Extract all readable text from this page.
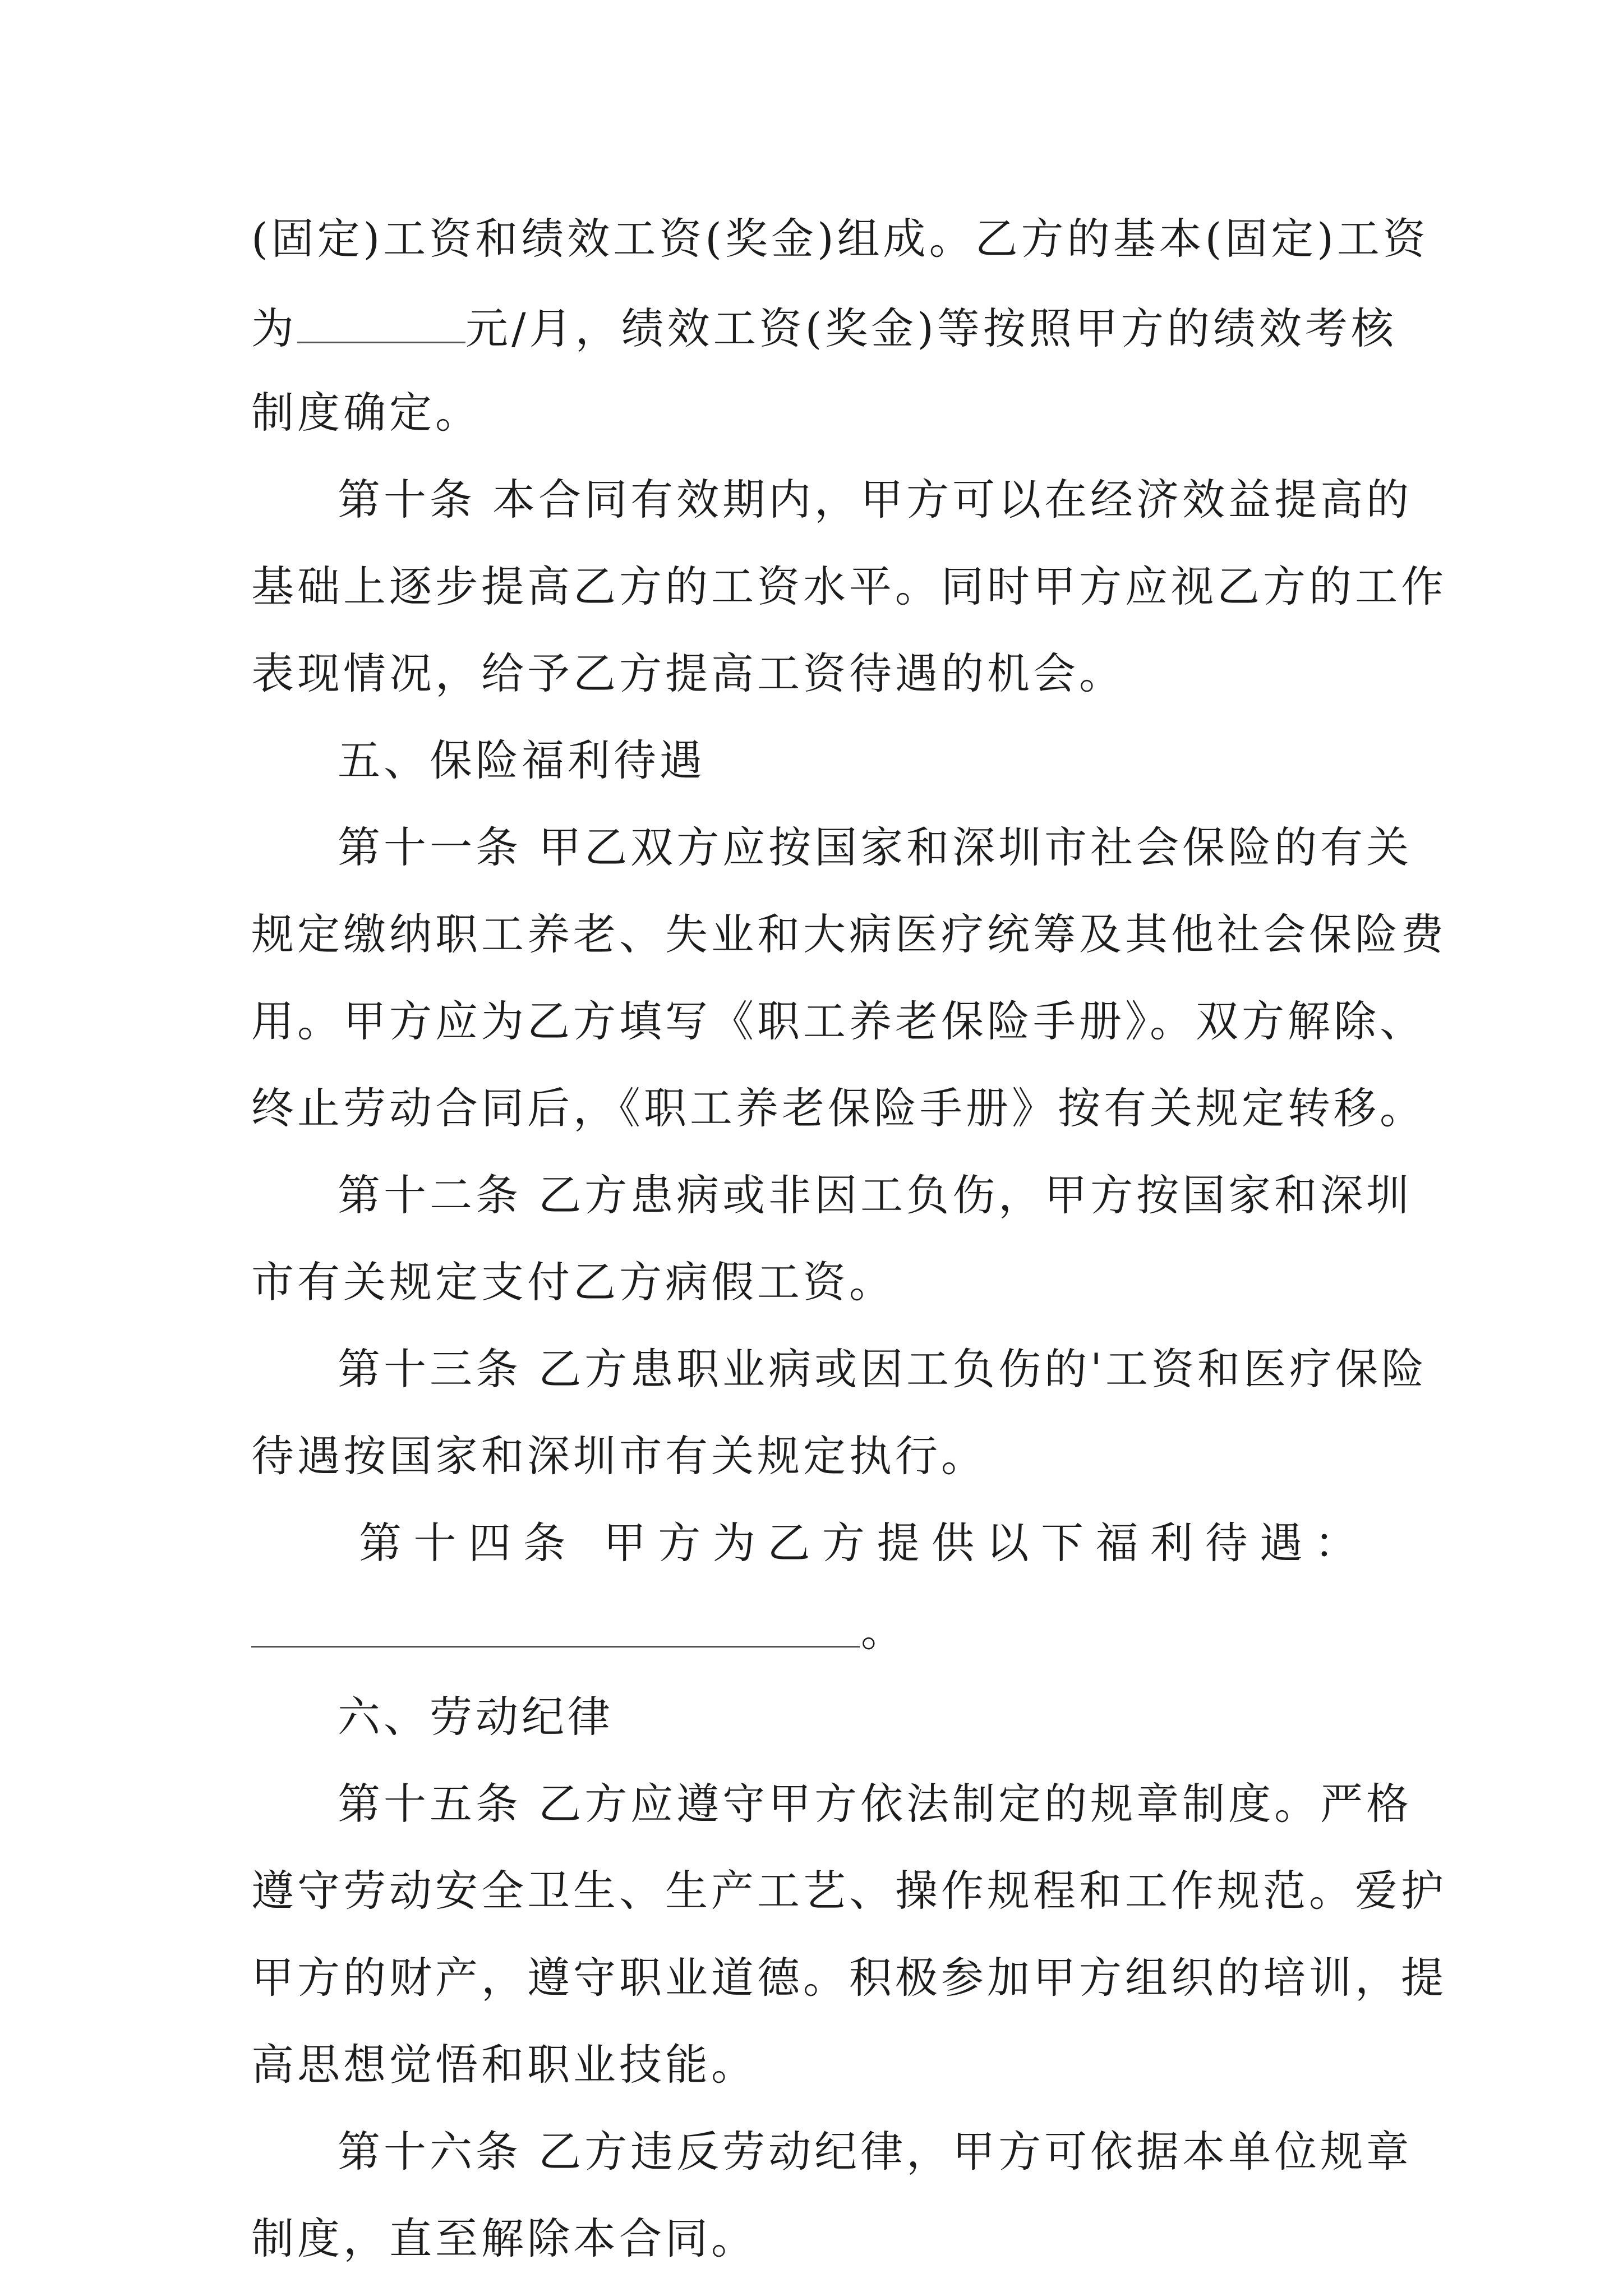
(固定)工资和绩效工资(奖金)组成。乙方的基本(固定)工资
为	元/月，绩效工资(奖金)等按照甲方的绩效考核
制度确定。
第十条 本合同有效期内，甲方可以在经济效益提高的
基础上逐步提高乙方的工资水平。同时甲方应视乙方的工作
表现情况，给予乙方提高工资待遇的机会。
五、保险福利待遇
第十一条 甲乙双方应按国家和深圳市社会保险的有关
规定缴纳职工养老、失业和大病医疗统筹及其他社会保险费
用。甲方应为乙方填写《职工养老保险手册》。双方解除、
终止劳动合同后，《职工养老保险手册》按有关规定转移。
第十二条 乙方患病或非因工负伤，甲方按国家和深圳
市有关规定支付乙方病假工资。
第十三条 乙方患职业病或因工负伤的'工资和医疗保险
待遇按国家和深圳市有关规定执行。
第 十 四 条
甲 方 为 乙 方 提 供 以 下 福 利 待 遇 ：
。
六、劳动纪律
第十五条 乙方应遵守甲方依法制定的规章制度。严格
遵守劳动安全卫生、生产工艺、操作规程和工作规范。爱护
甲方的财产，遵守职业道德。积极参加甲方组织的培训，提
高思想觉悟和职业技能。
第十六条 乙方违反劳动纪律，甲方可依据本单位规章
制度，直至解除本合同。
